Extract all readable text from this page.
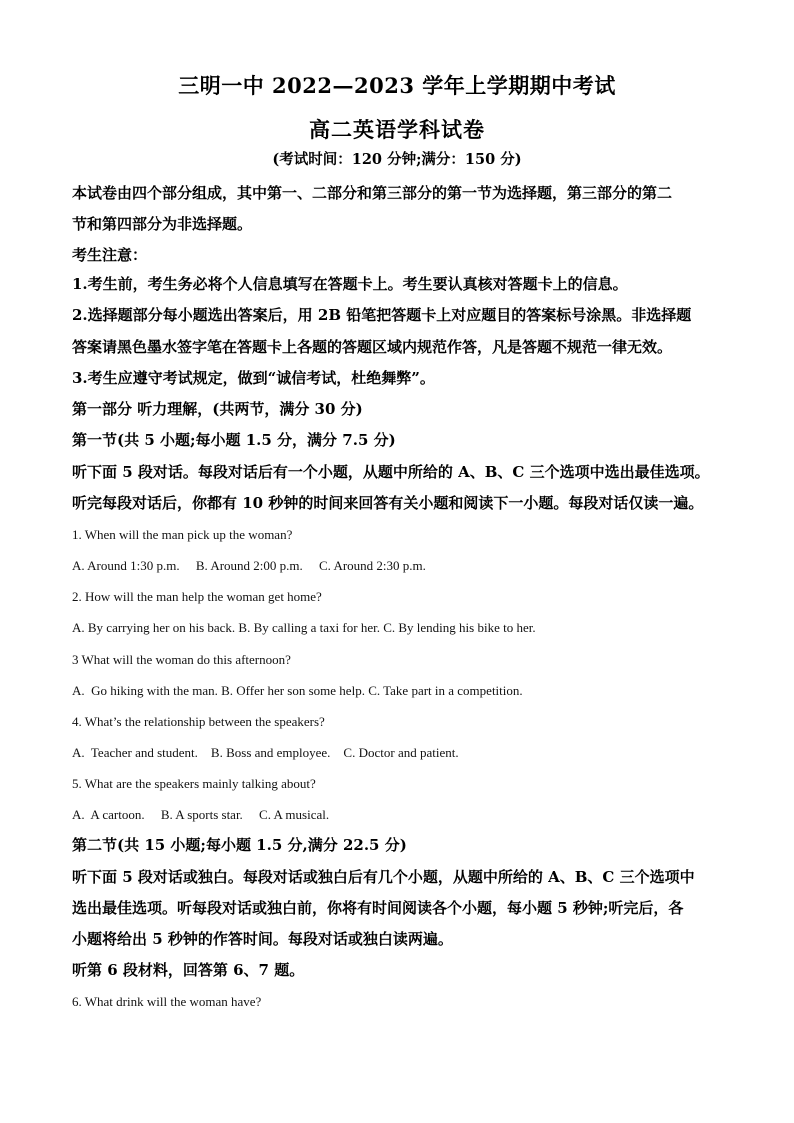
三明一中 2022—2023 学年上学期期中考试
高二英语学科试卷
(考试时间：120 分钟;满分：150 分)
本试卷由四个部分组成，其中第一、二部分和第三部分的第一节为选择题，第三部分的第二
节和第四部分为非选择题。
考生注意：
1.考生前，考生务必将个人信息填写在答题卡上。考生要认真核对答题卡上的信息。
2.选择题部分每小题选出答案后，用 2B 铅笔把答题卡上对应题目的答案标号涂黑。非选择题
答案请黑色墨水签字笔在答题卡上各题的答题区域内规范作答，凡是答题不规范一律无效。
3.考生应遵守考试规定，做到“诚信考试，杜绝舞弊”。
第一部分 听力理解，(共两节，满分 30 分)
第一节(共 5 小题;每小题 1.5 分，满分 7.5 分)
听下面 5 段对话。每段对话后有一个小题，从题中所给的 A、B、C 三个选项中选出最佳选项。
听完每段对话后，你都有 10 秒钟的时间来回答有关小题和阅读下一小题。每段对话仅读一遍。
1. When will the man pick up the woman?
A. Around 1:30 p.m.     B. Around 2:00 p.m.     C. Around 2:30 p.m.
2. How will the man help the woman get home?
A. By carrying her on his back. B. By calling a taxi for her. C. By lending his bike to her.
3 What will the woman do this afternoon?
A.  Go hiking with the man. B. Offer her son some help. C. Take part in a competition.
4. What’s the relationship between the speakers?
A.  Teacher and student.    B. Boss and employee.    C. Doctor and patient.
5. What are the speakers mainly talking about?
A.  A cartoon.     B. A sports star.     C. A musical.
第二节(共 15 小题;每小题 1.5 分,满分 22.5 分)
听下面 5 段对话或独白。每段对话或独白后有几个小题，从题中所给的 A、B、C 三个选项中
选出最佳选项。听每段对话或独白前，你将有时间阅读各个小题，每小题 5 秒钟;听完后，各
小题将给出 5 秒钟的作答时间。每段对话或独白读两遍。
听第 6 段材料，回答第 6、7 题。
6. What drink will the woman have?
